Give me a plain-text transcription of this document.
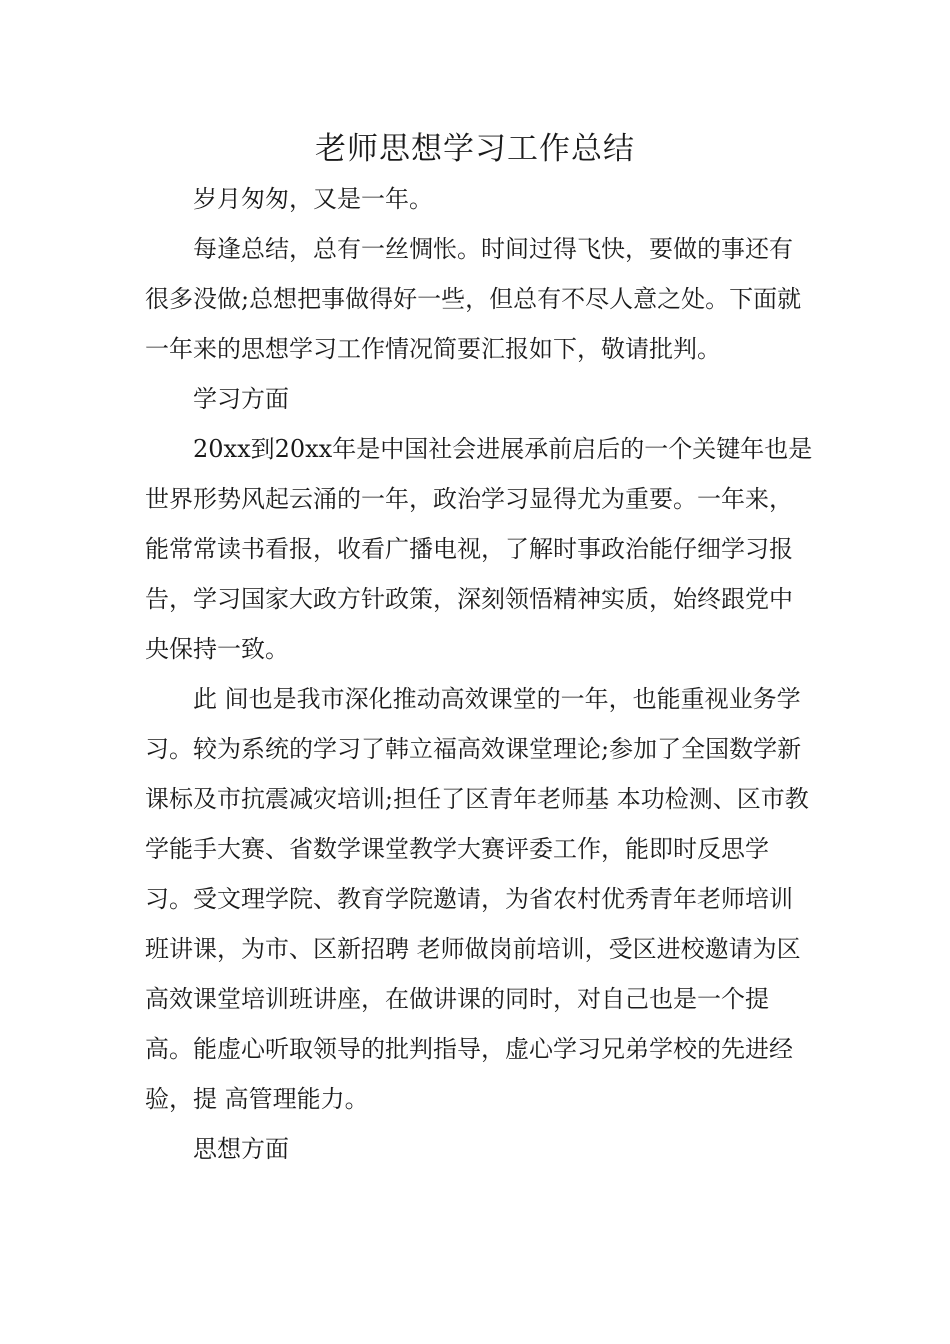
老师思想学习工作总结

岁月匆匆，又是一年。

每逢总结，总有一丝惆怅。时间过得飞快，要做的事还有很多没做;总想把事做得好一些，但总有不尽人意之处。下面就一年来的思想学习工作情况简要汇报如下，敬请批判。

学习方面

20xx到20xx年是中国社会进展承前启后的一个关键年也是世界形势风起云涌的一年，政治学习显得尤为重要。一年来，能常常读书看报，收看广播电视，了解时事政治能仔细学习报告，学习国家大政方针政策，深刻领悟精神实质，始终跟党中央保持一致。

此 间也是我市深化推动高效课堂的一年，也能重视业务学习。较为系统的学习了韩立福高效课堂理论;参加了全国数学新课标及市抗震减灾培训;担任了区青年老师基 本功检测、区市教学能手大赛、省数学课堂教学大赛评委工作，能即时反思学习。受文理学院、教育学院邀请，为省农村优秀青年老师培训班讲课，为市、区新招聘 老师做岗前培训，受区进校邀请为区高效课堂培训班讲座，在做讲课的同时，对自己也是一个提高。能虚心听取领导的批判指导，虚心学习兄弟学校的先进经验，提 高管理能力。

思想方面
